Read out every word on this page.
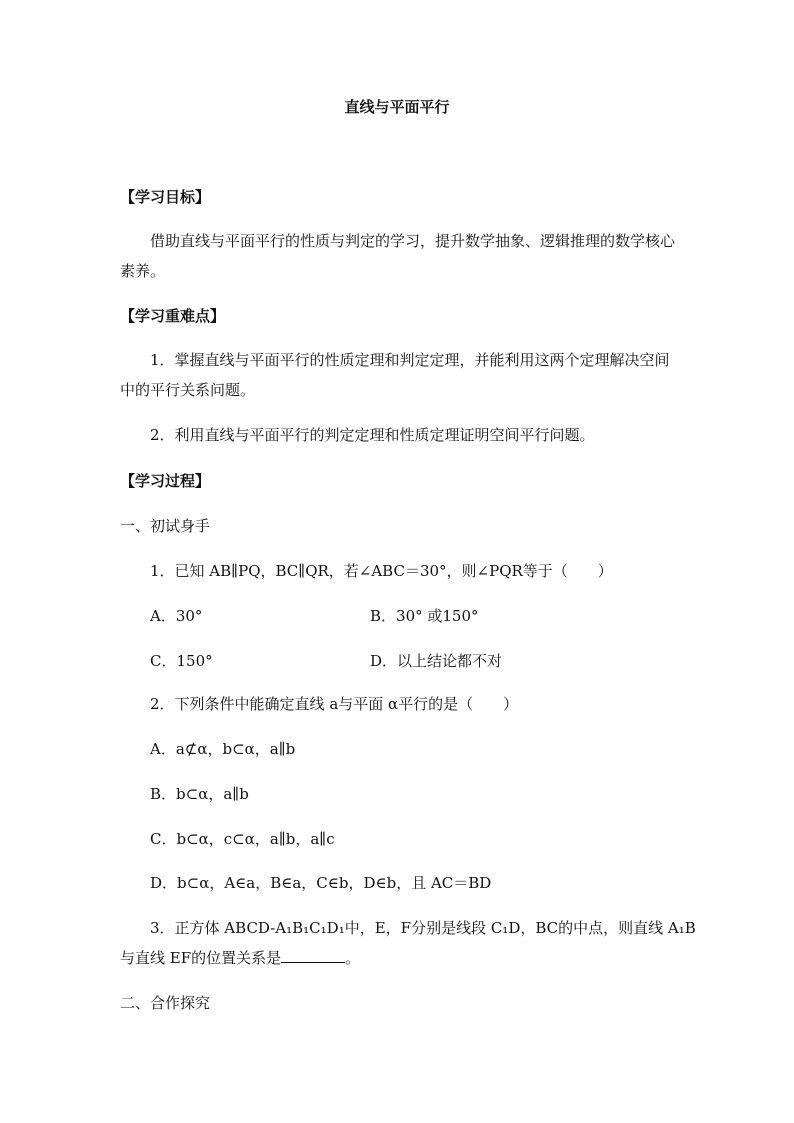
直线与平面平行
【学习目标】
借助直线与平面平行的性质与判定的学习，提升数学抽象、逻辑推理的数学核心素养。
【学习重难点】
1．掌握直线与平面平行的性质定理和判定定理，并能利用这两个定理解决空间中的平行关系问题。
2．利用直线与平面平行的判定定理和性质定理证明空间平行问题。
【学习过程】
一、初试身手
1．已知 AB∥PQ，BC∥QR，若∠ABC＝30°，则∠PQR等于（　　）
A．30°	B．30° 或150°
C．150°	D．以上结论都不对
2．下列条件中能确定直线 a与平面 α平行的是（　　）
A．a⊄α，b⊂α，a∥b
B．b⊂α，a∥b
C．b⊂α，c⊂α，a∥b，a∥c
D．b⊂α，A∈a，B∈a，C∈b，D∈b，且 AC＝BD
3．正方体 ABCD-A₁B₁C₁D₁中，E，F分别是线段 C₁D，BC的中点，则直线 A₁B
与直线 EF的位置关系是	。
二、合作探究
